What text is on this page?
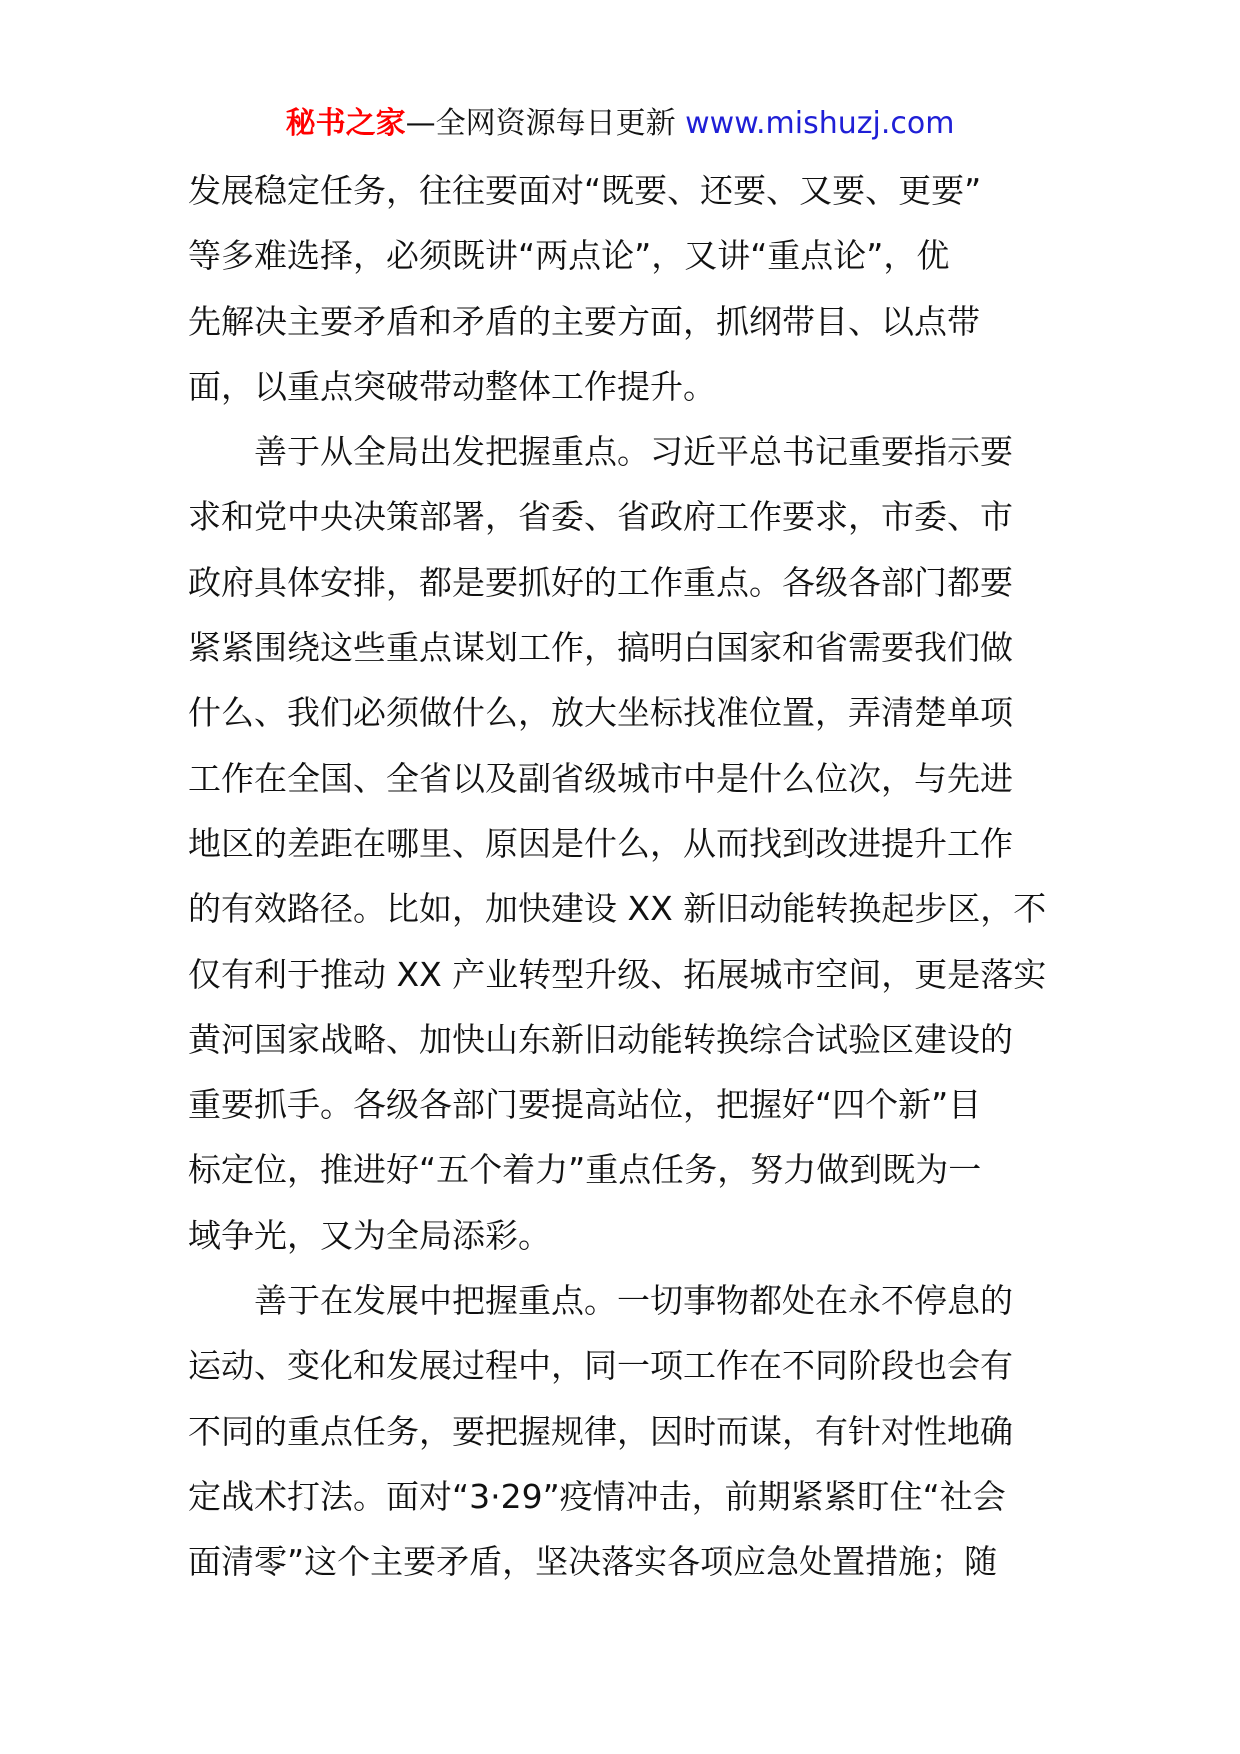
秘书之家—全网资源每日更新 www.mishuzj.com
发展稳定任务，往往要面对“既要、还要、又要、更要”
等多难选择，必须既讲“两点论”，又讲“重点论”，优
先解决主要矛盾和矛盾的主要方面，抓纲带目、以点带
面，以重点突破带动整体工作提升。
善于从全局出发把握重点。习近平总书记重要指示要
求和党中央决策部署，省委、省政府工作要求，市委、市
政府具体安排，都是要抓好的工作重点。各级各部门都要
紧紧围绕这些重点谋划工作，搞明白国家和省需要我们做
什么、我们必须做什么，放大坐标找准位置，弄清楚单项
工作在全国、全省以及副省级城市中是什么位次，与先进
地区的差距在哪里、原因是什么，从而找到改进提升工作
的有效路径。比如，加快建设 XX 新旧动能转换起步区，不
仅有利于推动 XX 产业转型升级、拓展城市空间，更是落实
黄河国家战略、加快山东新旧动能转换综合试验区建设的
重要抓手。各级各部门要提高站位，把握好“四个新”目
标定位，推进好“五个着力”重点任务，努力做到既为一
域争光，又为全局添彩。
善于在发展中把握重点。一切事物都处在永不停息的
运动、变化和发展过程中，同一项工作在不同阶段也会有
不同的重点任务，要把握规律，因时而谋，有针对性地确
定战术打法。面对“3·29”疫情冲击，前期紧紧盯住“社会
面清零”这个主要矛盾，坚决落实各项应急处置措施；随
